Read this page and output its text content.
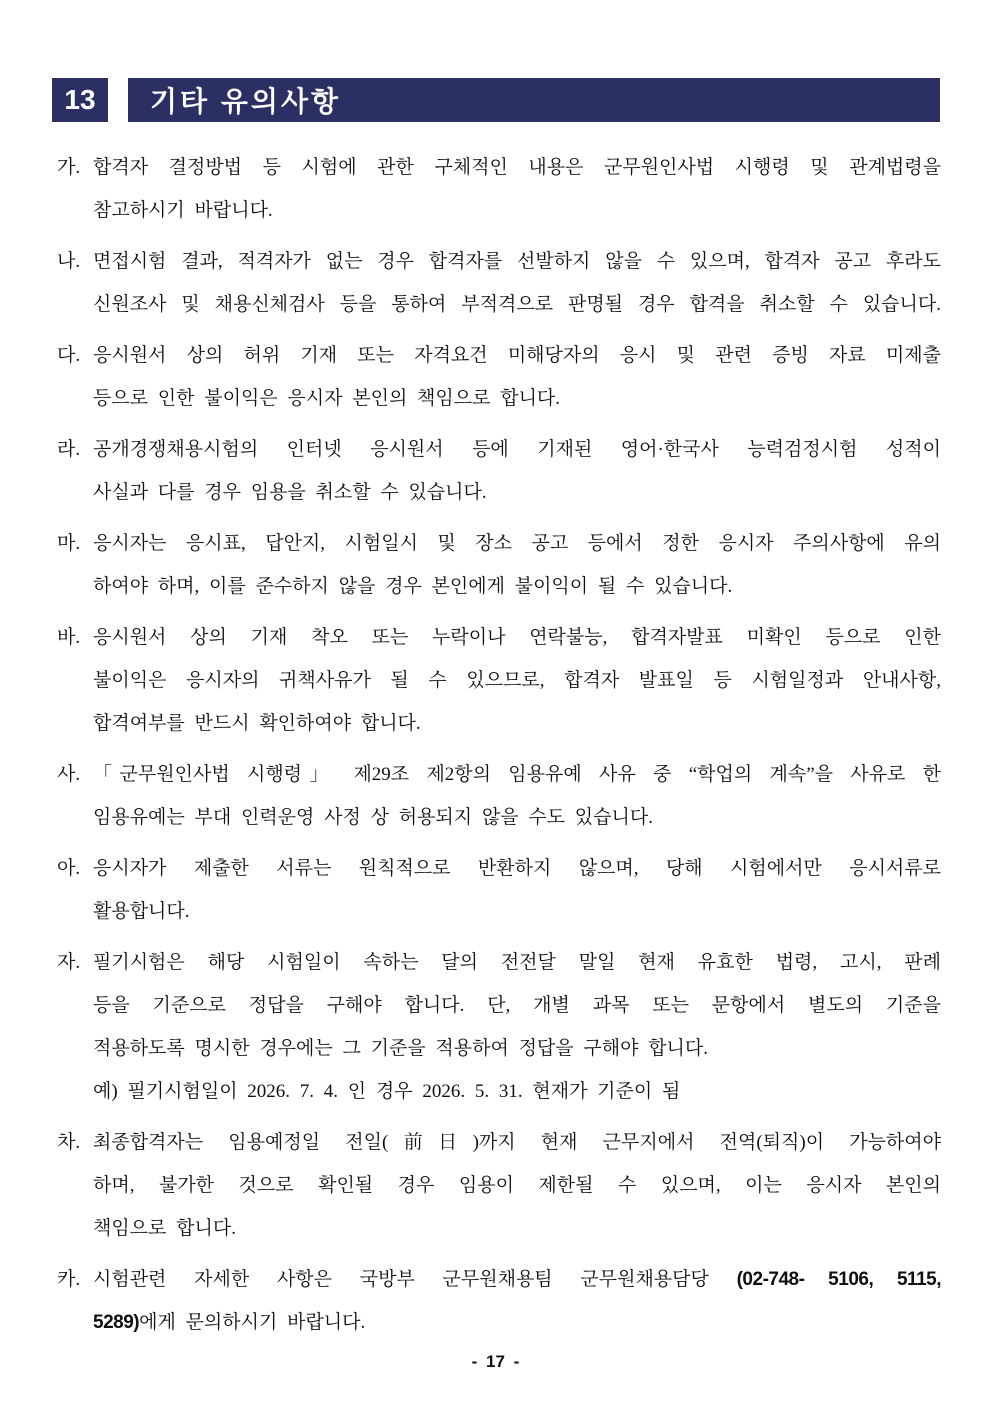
13	기타 유의사항
가. 합격자 결정방법 등 시험에 관한 구체적인 내용은 군무원인사법 시행령 및 관계법령을
참고하시기 바랍니다.
나. 면접시험 결과, 적격자가 없는 경우 합격자를 선발하지 않을 수 있으며, 합격자 공고 후라도
신원조사 및 채용신체검사 등을 통하여 부적격으로 판명될 경우 합격을 취소할 수 있습니다.
다. 응시원서 상의 허위 기재 또는 자격요건 미해당자의 응시 및 관련 증빙 자료 미제출
등으로 인한 불이익은 응시자 본인의 책임으로 합니다.
라. 공개경쟁채용시험의 인터넷 응시원서 등에 기재된 영어·한국사 능력검정시험 성적이
사실과 다를 경우 임용을 취소할 수 있습니다.
마. 응시자는 응시표, 답안지, 시험일시 및 장소 공고 등에서 정한 응시자 주의사항에 유의
하여야 하며, 이를 준수하지 않을 경우 본인에게 불이익이 될 수 있습니다.
바. 응시원서 상의 기재 착오 또는 누락이나 연락불능, 합격자발표 미확인 등으로 인한
불이익은 응시자의 귀책사유가 될 수 있으므로, 합격자 발표일 등 시험일정과 안내사항,
합격여부를 반드시 확인하여야 합니다.
사. 「군무원인사법 시행령」 제29조 제2항의 임용유예 사유 중 “학업의 계속”을 사유로 한
임용유예는 부대 인력운영 사정 상 허용되지 않을 수도 있습니다.
아. 응시자가 제출한 서류는 원칙적으로 반환하지 않으며, 당해 시험에서만 응시서류로
활용합니다.
자. 필기시험은 해당 시험일이 속하는 달의 전전달 말일 현재 유효한 법령, 고시, 판례
등을 기준으로 정답을 구해야 합니다. 단, 개별 과목 또는 문항에서 별도의 기준을
적용하도록 명시한 경우에는 그 기준을 적용하여 정답을 구해야 합니다.
예) 필기시험일이 2026. 7. 4. 인 경우 2026. 5. 31. 현재가 기준이 됨
차. 최종합격자는 임용예정일 전일(前日)까지 현재 근무지에서 전역(퇴직)이 가능하여야
하며, 불가한 것으로 확인될 경우 임용이 제한될 수 있으며, 이는 응시자 본인의
책임으로 합니다.
카. 시험관련 자세한 사항은 국방부 군무원채용팀 군무원채용담당 (02-748- 5106, 5115,
5289)에게 문의하시기 바랍니다.
- 17 -
